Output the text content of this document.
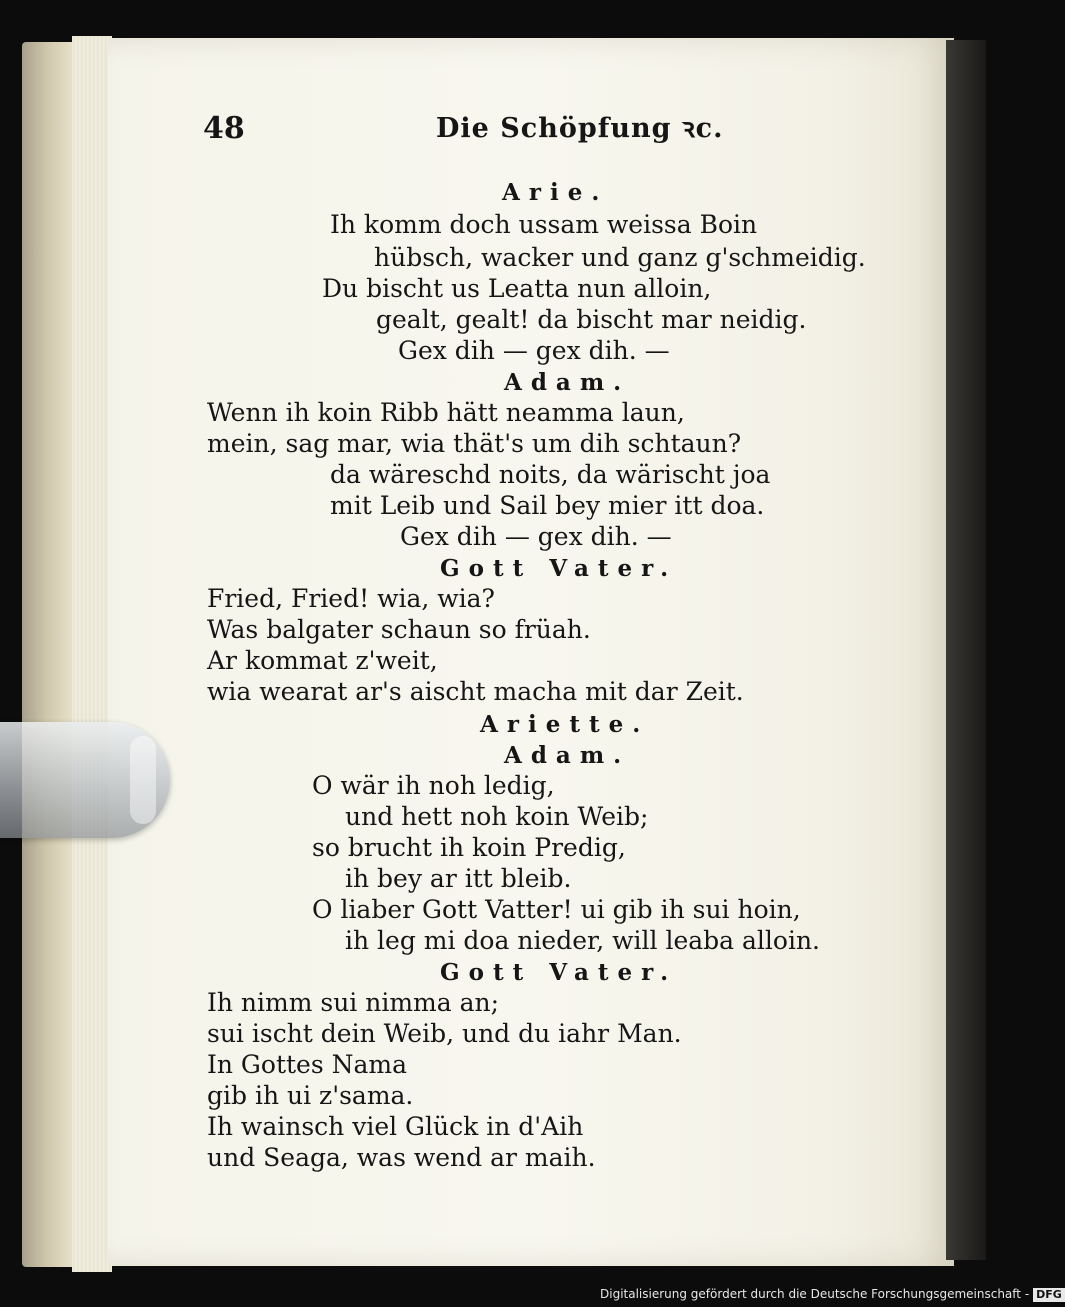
48	Die Schöpfung ꝛc.
Arie.
Ih komm doch ussam weissa Boin
hübsch, wacker und ganz g'schmeidig.
Du bischt us Leatta nun alloin,
gealt, gealt! da bischt mar neidig.
Gex dih — gex dih. —
Adam.
Wenn ih koin Ribb hätt neamma laun,
mein, sag mar, wia thät's um dih schtaun?
da wäreschd noits, da wärischt joa
mit Leib und Sail bey mier itt doa.
Gex dih — gex dih. —
Gott Vater.
Fried, Fried! wia, wia?
Was balgater schaun so früah.
Ar kommat z'weit,
wia wearat ar's aischt macha mit dar Zeit.
Ariette.
Adam.
O wär ih noh ledig,
und hett noh koin Weib;
so brucht ih koin Predig,
ih bey ar itt bleib.
O liaber Gott Vatter! ui gib ih sui hoin,
ih leg mi doa nieder, will leaba alloin.
Gott Vater.
Ih nimm sui nimma an;
sui ischt dein Weib, und du iahr Man.
In Gottes Nama
gib ih ui z'sama.
Ih wainsch viel Glück in d'Aih
und Seaga, was wend ar maih.
Digitalisierung gefördert durch die Deutsche Forschungsgemeinschaft - DFG
